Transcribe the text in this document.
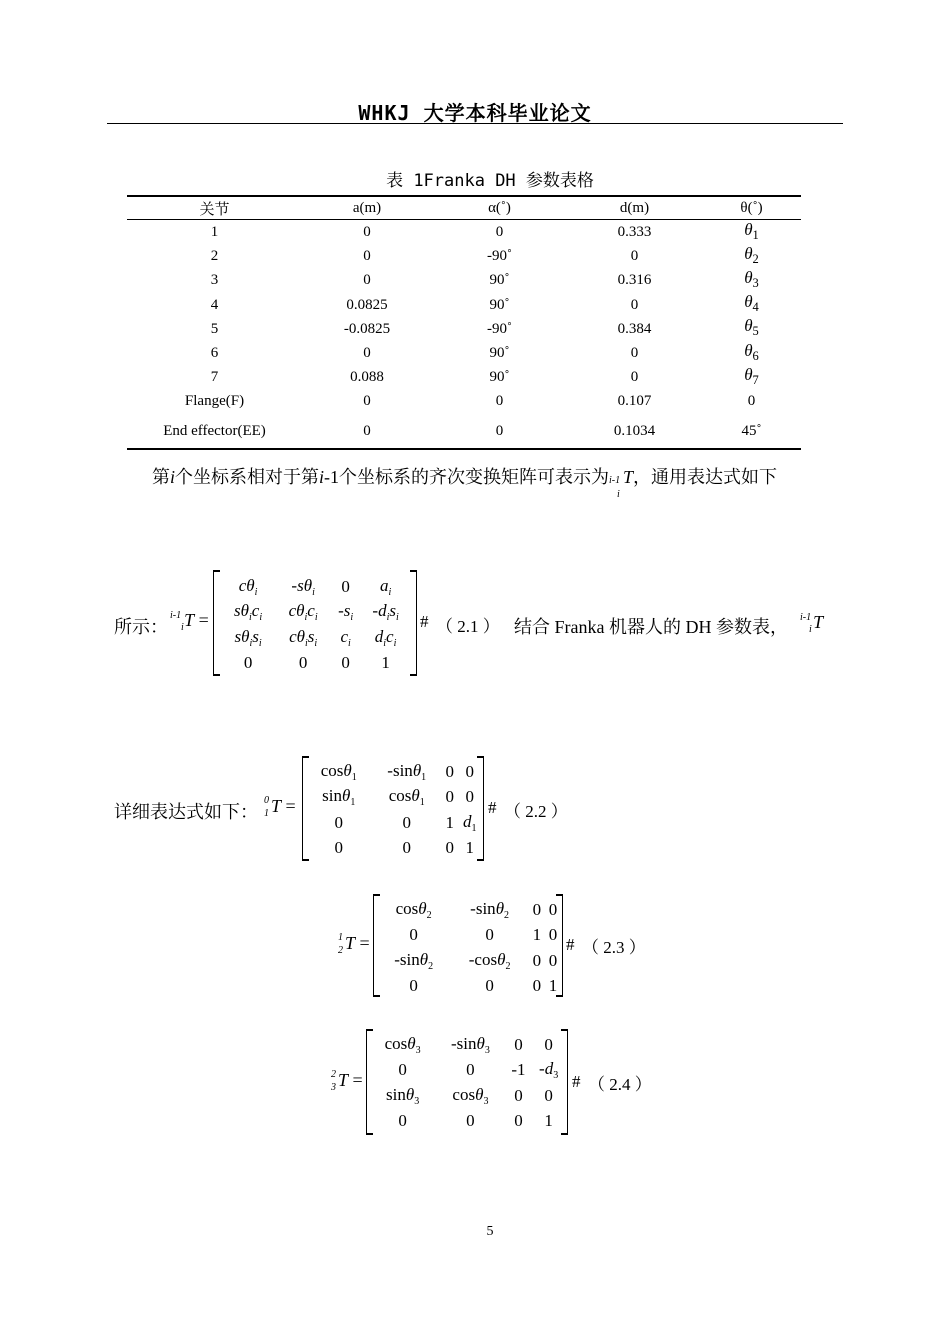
WHKJ 大学本科毕业论文
表 1Franka DH 参数表格
关节	a(m)	α(˚)	d(m)	θ(˚)
1	0	0	0.333	$\theta_1$
2	0	-90˚	0	$\theta_2$
3	0	90˚	0.316	$\theta_3$
4	0.0825	90˚	0	$\theta_4$
5	-0.0825	-90˚	0.384	$\theta_5$
6	0	90˚	0	$\theta_6$
7	0.088	90˚	0	$\theta_7$
Flange(F)	0	0	0.107	0
End effector(EE)	0	0	0.1034	45˚
第i个坐标系相对于第i-1个坐标系的齐次变换矩阵可表示为 i-1
i
T，通用表达式如下
所示：
$^{i-1}$
i T =
$c\theta_i$	$-s\theta_i$	0	$a_i$
$s\theta_ic_i$	$c\theta_ic_i$	$-s_i$	$-d_is_i$
$s\theta_is_i$	$c\theta_is_i$	$c_i$	$d_ic_i$
0	0	0	1
# （ 2.1 ） 结合 Franka 机器人的 DH 参数表， $^{i-1}$
i T
详细表达式如下：
$^0$
1 T =
cosθ$_1$	-sinθ$_1$	0	0
sinθ$_1$	cosθ$_1$	0	0
0	0	1	$d_1$
0	0	0	1
# （ 2.2 ）
$^1$
2 T =
cosθ$_2$	-sinθ$_2$	0	0
0	0	1	0
-sinθ$_2$	-cosθ$_2$	0	0
0	0	0	1
# （ 2.3 ）
$^2$
3 T =
cosθ$_3$	-sinθ$_3$	0	0
0	0	-1	$-d_3$
sinθ$_3$	cosθ$_3$	0	0
0	0	0	1
# （ 2.4 ）
5
